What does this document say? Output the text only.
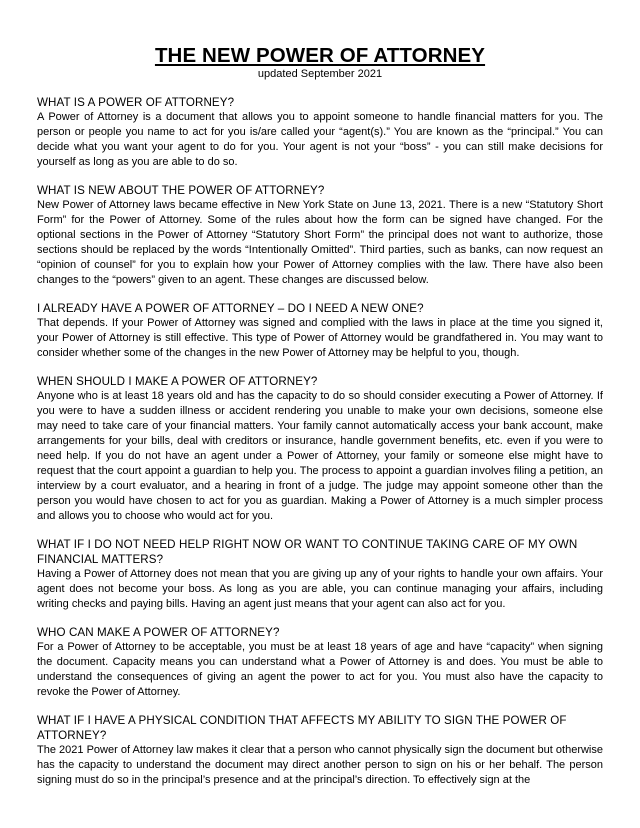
THE NEW POWER OF ATTORNEY
updated September 2021
WHAT IS A POWER OF ATTORNEY?

A Power of Attorney is a document that allows you to appoint someone to handle financial matters for you. The person or people you name to act for you is/are called your “agent(s).” You are known as the “principal.” You can decide what you want your agent to do for you. Your agent is not your “boss” - you can still make decisions for yourself as long as you are able to do so.

WHAT IS NEW ABOUT THE POWER OF ATTORNEY?

New Power of Attorney laws became effective in New York State on June 13, 2021. There is a new “Statutory Short Form” for the Power of Attorney. Some of the rules about how the form can be signed have changed. For the optional sections in the Power of Attorney “Statutory Short Form” the principal does not want to authorize, those sections should be replaced by the words “Intentionally Omitted”. Third parties, such as banks, can now request an “opinion of counsel” for you to explain how your Power of Attorney complies with the law. There have also been changes to the “powers” given to an agent. These changes are discussed below.

I ALREADY HAVE A POWER OF ATTORNEY – DO I NEED A NEW ONE?

That depends. If your Power of Attorney was signed and complied with the laws in place at the time you signed it, your Power of Attorney is still effective. This type of Power of Attorney would be grandfathered in. You may want to consider whether some of the changes in the new Power of Attorney may be helpful to you, though.

WHEN SHOULD I MAKE A POWER OF ATTORNEY?

Anyone who is at least 18 years old and has the capacity to do so should consider executing a Power of Attorney. If you were to have a sudden illness or accident rendering you unable to make your own decisions, someone else may need to take care of your financial matters. Your family cannot automatically access your bank account, make arrangements for your bills, deal with creditors or insurance, handle government benefits, etc. even if you were to need help. If you do not have an agent under a Power of Attorney, your family or someone else might have to request that the court appoint a guardian to help you. The process to appoint a guardian involves filing a petition, an interview by a court evaluator, and a hearing in front of a judge. The judge may appoint someone other than the person you would have chosen to act for you as guardian. Making a Power of Attorney is a much simpler process and allows you to choose who would act for you.

WHAT IF I DO NOT NEED HELP RIGHT NOW OR WANT TO CONTINUE TAKING CARE OF MY OWN FINANCIAL MATTERS?

Having a Power of Attorney does not mean that you are giving up any of your rights to handle your own affairs. Your agent does not become your boss. As long as you are able, you can continue managing your affairs, including writing checks and paying bills. Having an agent just means that your agent can also act for you.

WHO CAN MAKE A POWER OF ATTORNEY?

For a Power of Attorney to be acceptable, you must be at least 18 years of age and have “capacity” when signing the document. Capacity means you can understand what a Power of Attorney is and does. You must be able to understand the consequences of giving an agent the power to act for you. You must also have the capacity to revoke the Power of Attorney.

WHAT IF I HAVE A PHYSICAL CONDITION THAT AFFECTS MY ABILITY TO SIGN THE POWER OF ATTORNEY?

The 2021 Power of Attorney law makes it clear that a person who cannot physically sign the document but otherwise has the capacity to understand the document may direct another person to sign on his or her behalf. The person signing must do so in the principal’s presence and at the principal’s direction. To effectively sign at the
